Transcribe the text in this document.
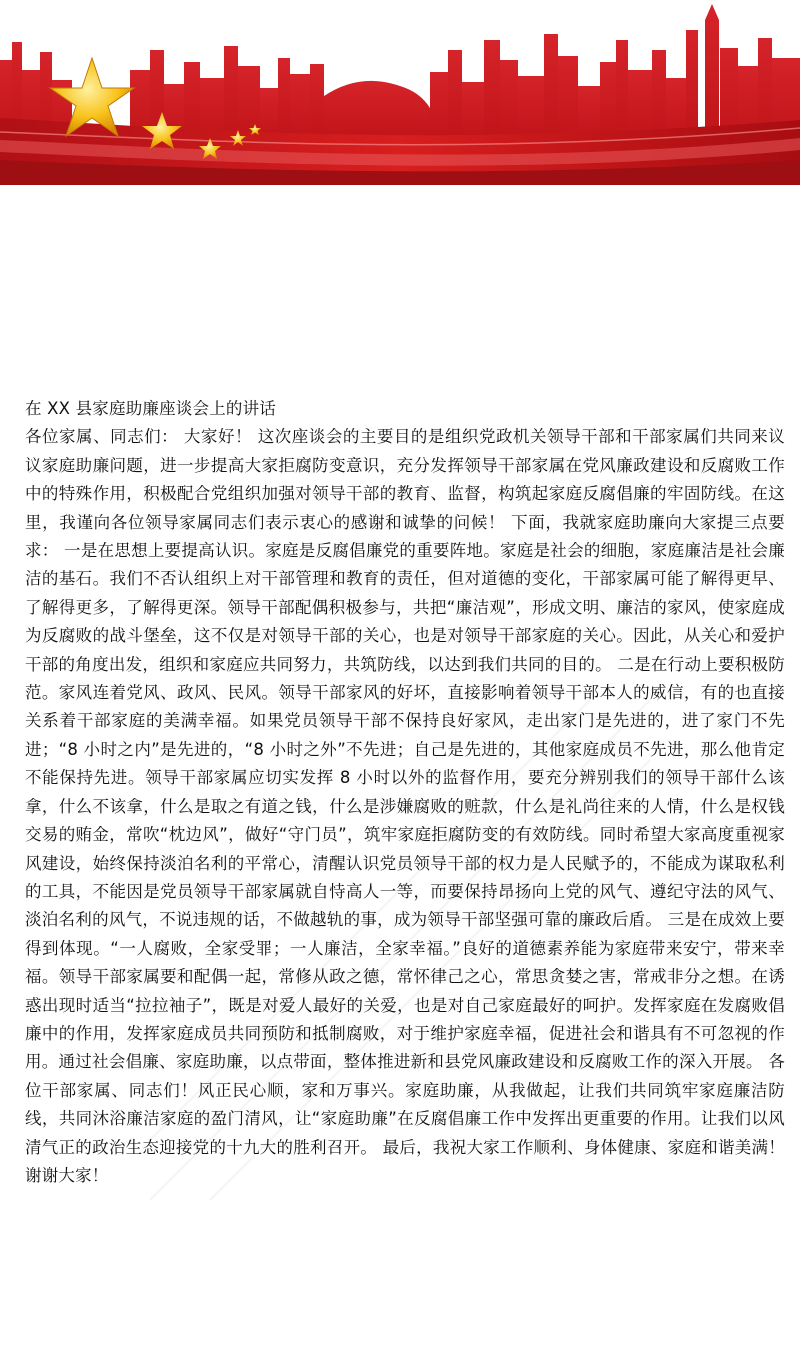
在 XX 县家庭助廉座谈会上的讲话

各位家属、同志们： 大家好！ 这次座谈会的主要目的是组织党政机关领导干部和干部家属们共同来议议家庭助廉问题，进一步提高大家拒腐防变意识，充分发挥领导干部家属在党风廉政建设和反腐败工作中的特殊作用，积极配合党组织加强对领导干部的教育、监督，构筑起家庭反腐倡廉的牢固防线。在这里，我谨向各位领导家属同志们表示衷心的感谢和诚挚的问候！ 下面，我就家庭助廉向大家提三点要求： 一是在思想上要提高认识。家庭是反腐倡廉党的重要阵地。家庭是社会的细胞，家庭廉洁是社会廉洁的基石。我们不否认组织上对干部管理和教育的责任，但对道德的变化，干部家属可能了解得更早、了解得更多，了解得更深。领导干部配偶积极参与，共把“廉洁观”，形成文明、廉洁的家风，使家庭成为反腐败的战斗堡垒，这不仅是对领导干部的关心，也是对领导干部家庭的关心。因此，从关心和爱护干部的角度出发，组织和家庭应共同努力，共筑防线，以达到我们共同的目的。 二是在行动上要积极防范。家风连着党风、政风、民风。领导干部家风的好坏，直接影响着领导干部本人的威信，有的也直接关系着干部家庭的美满幸福。如果党员领导干部不保持良好家风，走出家门是先进的，进了家门不先进；“8 小时之内”是先进的，“8 小时之外”不先进；自己是先进的，其他家庭成员不先进，那么他肯定不能保持先进。领导干部家属应切实发挥 8 小时以外的监督作用，要充分辨别我们的领导干部什么该拿，什么不该拿，什么是取之有道之钱，什么是涉嫌腐败的赃款，什么是礼尚往来的人情，什么是权钱交易的贿金，常吹“枕边风”，做好“守门员”，筑牢家庭拒腐防变的有效防线。同时希望大家高度重视家风建设，始终保持淡泊名利的平常心，清醒认识党员领导干部的权力是人民赋予的，不能成为谋取私利的工具，不能因是党员领导干部家属就自恃高人一等，而要保持昂扬向上党的风气、遵纪守法的风气、淡泊名利的风气，不说违规的话，不做越轨的事，成为领导干部坚强可靠的廉政后盾。 三是在成效上要得到体现。“一人腐败，全家受罪；一人廉洁，全家幸福。”良好的道德素养能为家庭带来安宁，带来幸福。领导干部家属要和配偶一起，常修从政之德，常怀律己之心，常思贪婪之害，常戒非分之想。在诱惑出现时适当“拉拉袖子”，既是对爱人最好的关爱，也是对自己家庭最好的呵护。发挥家庭在发腐败倡廉中的作用，发挥家庭成员共同预防和抵制腐败，对于维护家庭幸福，促进社会和谐具有不可忽视的作用。通过社会倡廉、家庭助廉，以点带面，整体推进新和县党风廉政建设和反腐败工作的深入开展。 各位干部家属、同志们！风正民心顺，家和万事兴。家庭助廉，从我做起，让我们共同筑牢家庭廉洁防线，共同沐浴廉洁家庭的盈门清风，让“家庭助廉”在反腐倡廉工作中发挥出更重要的作用。让我们以风清气正的政治生态迎接党的十九大的胜利召开。 最后，我祝大家工作顺利、身体健康、家庭和谐美满！ 谢谢大家！
